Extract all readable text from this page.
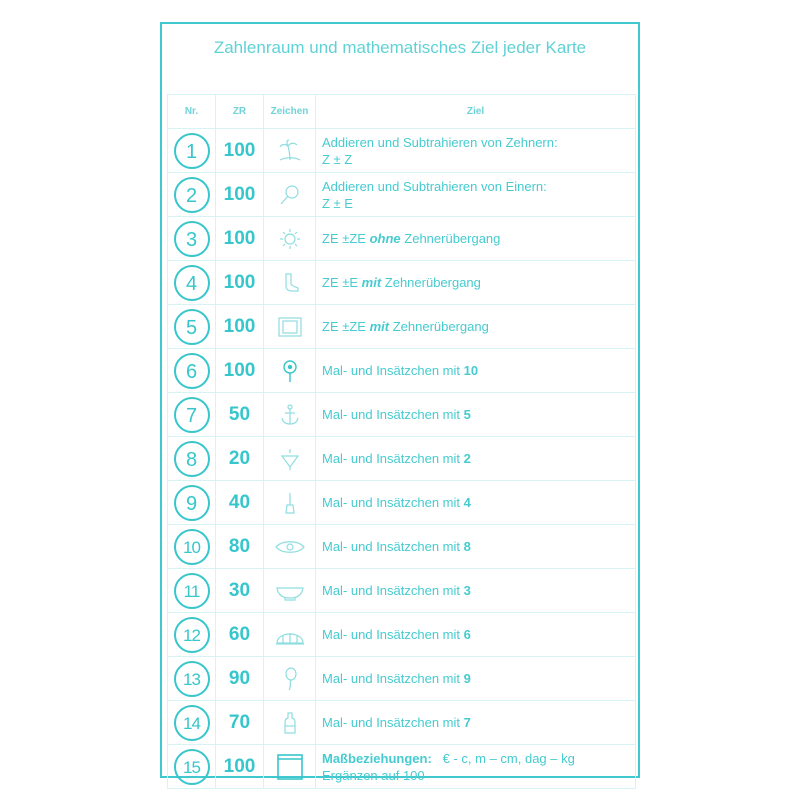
Zahlenraum und mathematisches Ziel jeder Karte
Nr.	ZR	Zeichen	Ziel
1	100		Addieren und Subtrahieren von Zehnern:
Z ± Z
2	100		Addieren und Subtrahieren von Einern:
Z ± E
3	100		ZE ±ZE ohne Zehnerübergang
4	100		ZE ±E mit Zehnerübergang
5	100		ZE ±ZE mit Zehnerübergang
6	100		Mal- und Insätzchen mit 10
7	50		Mal- und Insätzchen mit 5
8	20		Mal- und Insätzchen mit 2
9	40		Mal- und Insätzchen mit 4
10	80		Mal- und Insätzchen mit 8
11	30		Mal- und Insätzchen mit 3
12	60		Mal- und Insätzchen mit 6
13	90		Mal- und Insätzchen mit 9
14	70		Mal- und Insätzchen mit 7
15	100		Maßbeziehungen:   € - c, m – cm, dag – kg
Ergänzen auf 100
